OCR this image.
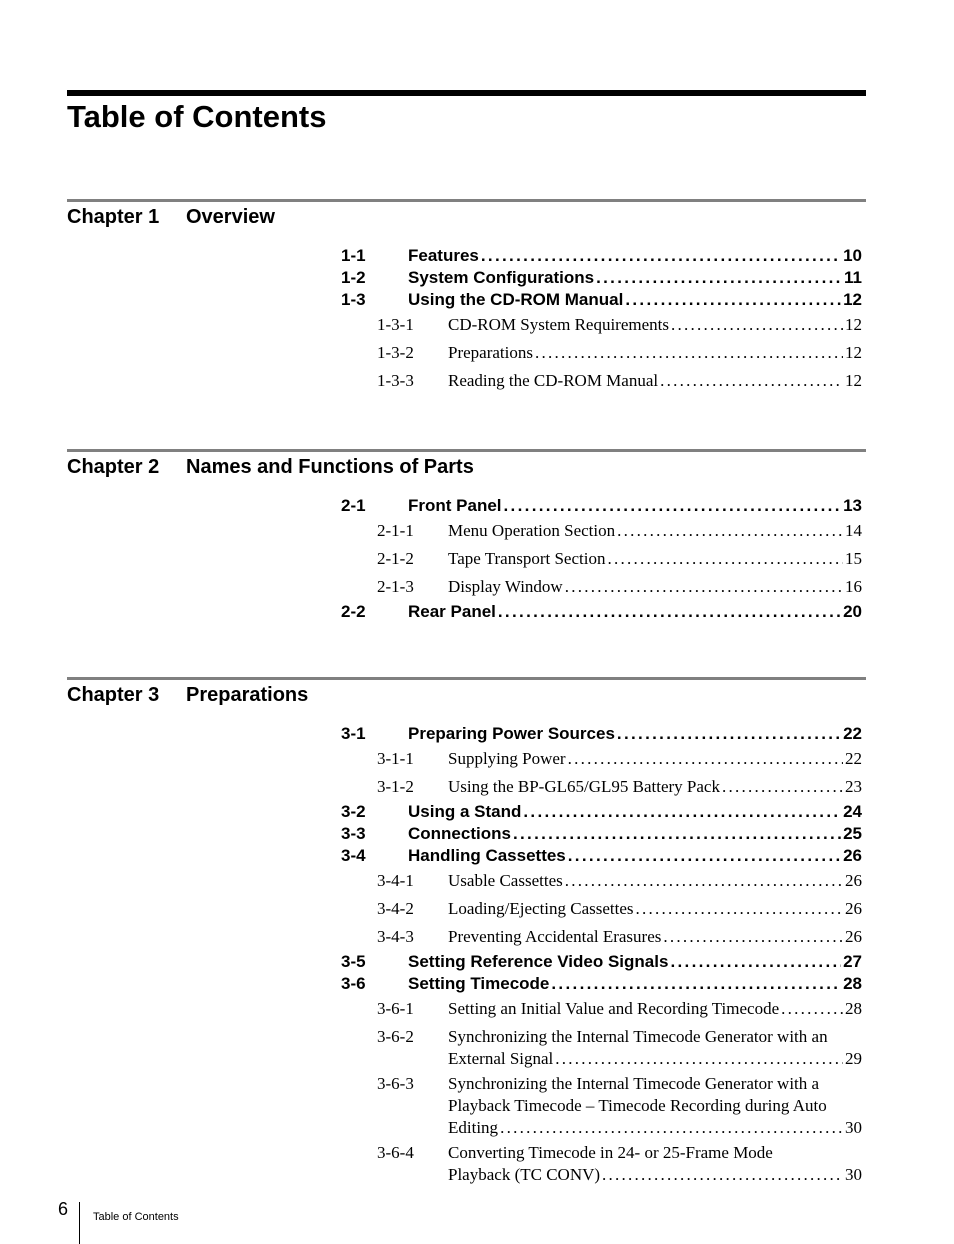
Table of Contents
Chapter 1 Overview
1-1	Features . . .	10
1-2	System Configurations . . .	11
1-3	Using the CD-ROM Manual . . .	12
1-3-1	CD-ROM System Requirements . . .	12
1-3-2	Preparations . . .	12
1-3-3	Reading the CD-ROM Manual . . .	12
Chapter 2 Names and Functions of Parts
2-1	Front Panel . . .	13
2-1-1	Menu Operation Section . . .	14
2-1-2	Tape Transport Section . . .	15
2-1-3	Display Window . . .	16
2-2	Rear Panel . . .	20
Chapter 3 Preparations
3-1	Preparing Power Sources . . .	22
3-1-1	Supplying Power . . .	22
3-1-2	Using the BP-GL65/GL95 Battery Pack . . .	23
3-2	Using a Stand . . .	24
3-3	Connections . . .	25
3-4	Handling Cassettes . . .	26
3-4-1	Usable Cassettes . . .	26
3-4-2	Loading/Ejecting Cassettes . . .	26
3-4-3	Preventing Accidental Erasures . . .	26
3-5	Setting Reference Video Signals . . .	27
3-6	Setting Timecode . . .	28
3-6-1	Setting an Initial Value and Recording Timecode . . .	28
3-6-2	Synchronizing the Internal Timecode Generator with an
External Signal . . .	29
3-6-3	Synchronizing the Internal Timecode Generator with a
Playback Timecode – Timecode Recording during Auto
Editing . . .	30
3-6-4	Converting Timecode in 24- or 25-Frame Mode
Playback (TC CONV) . . .	30
6 Table of Contents
